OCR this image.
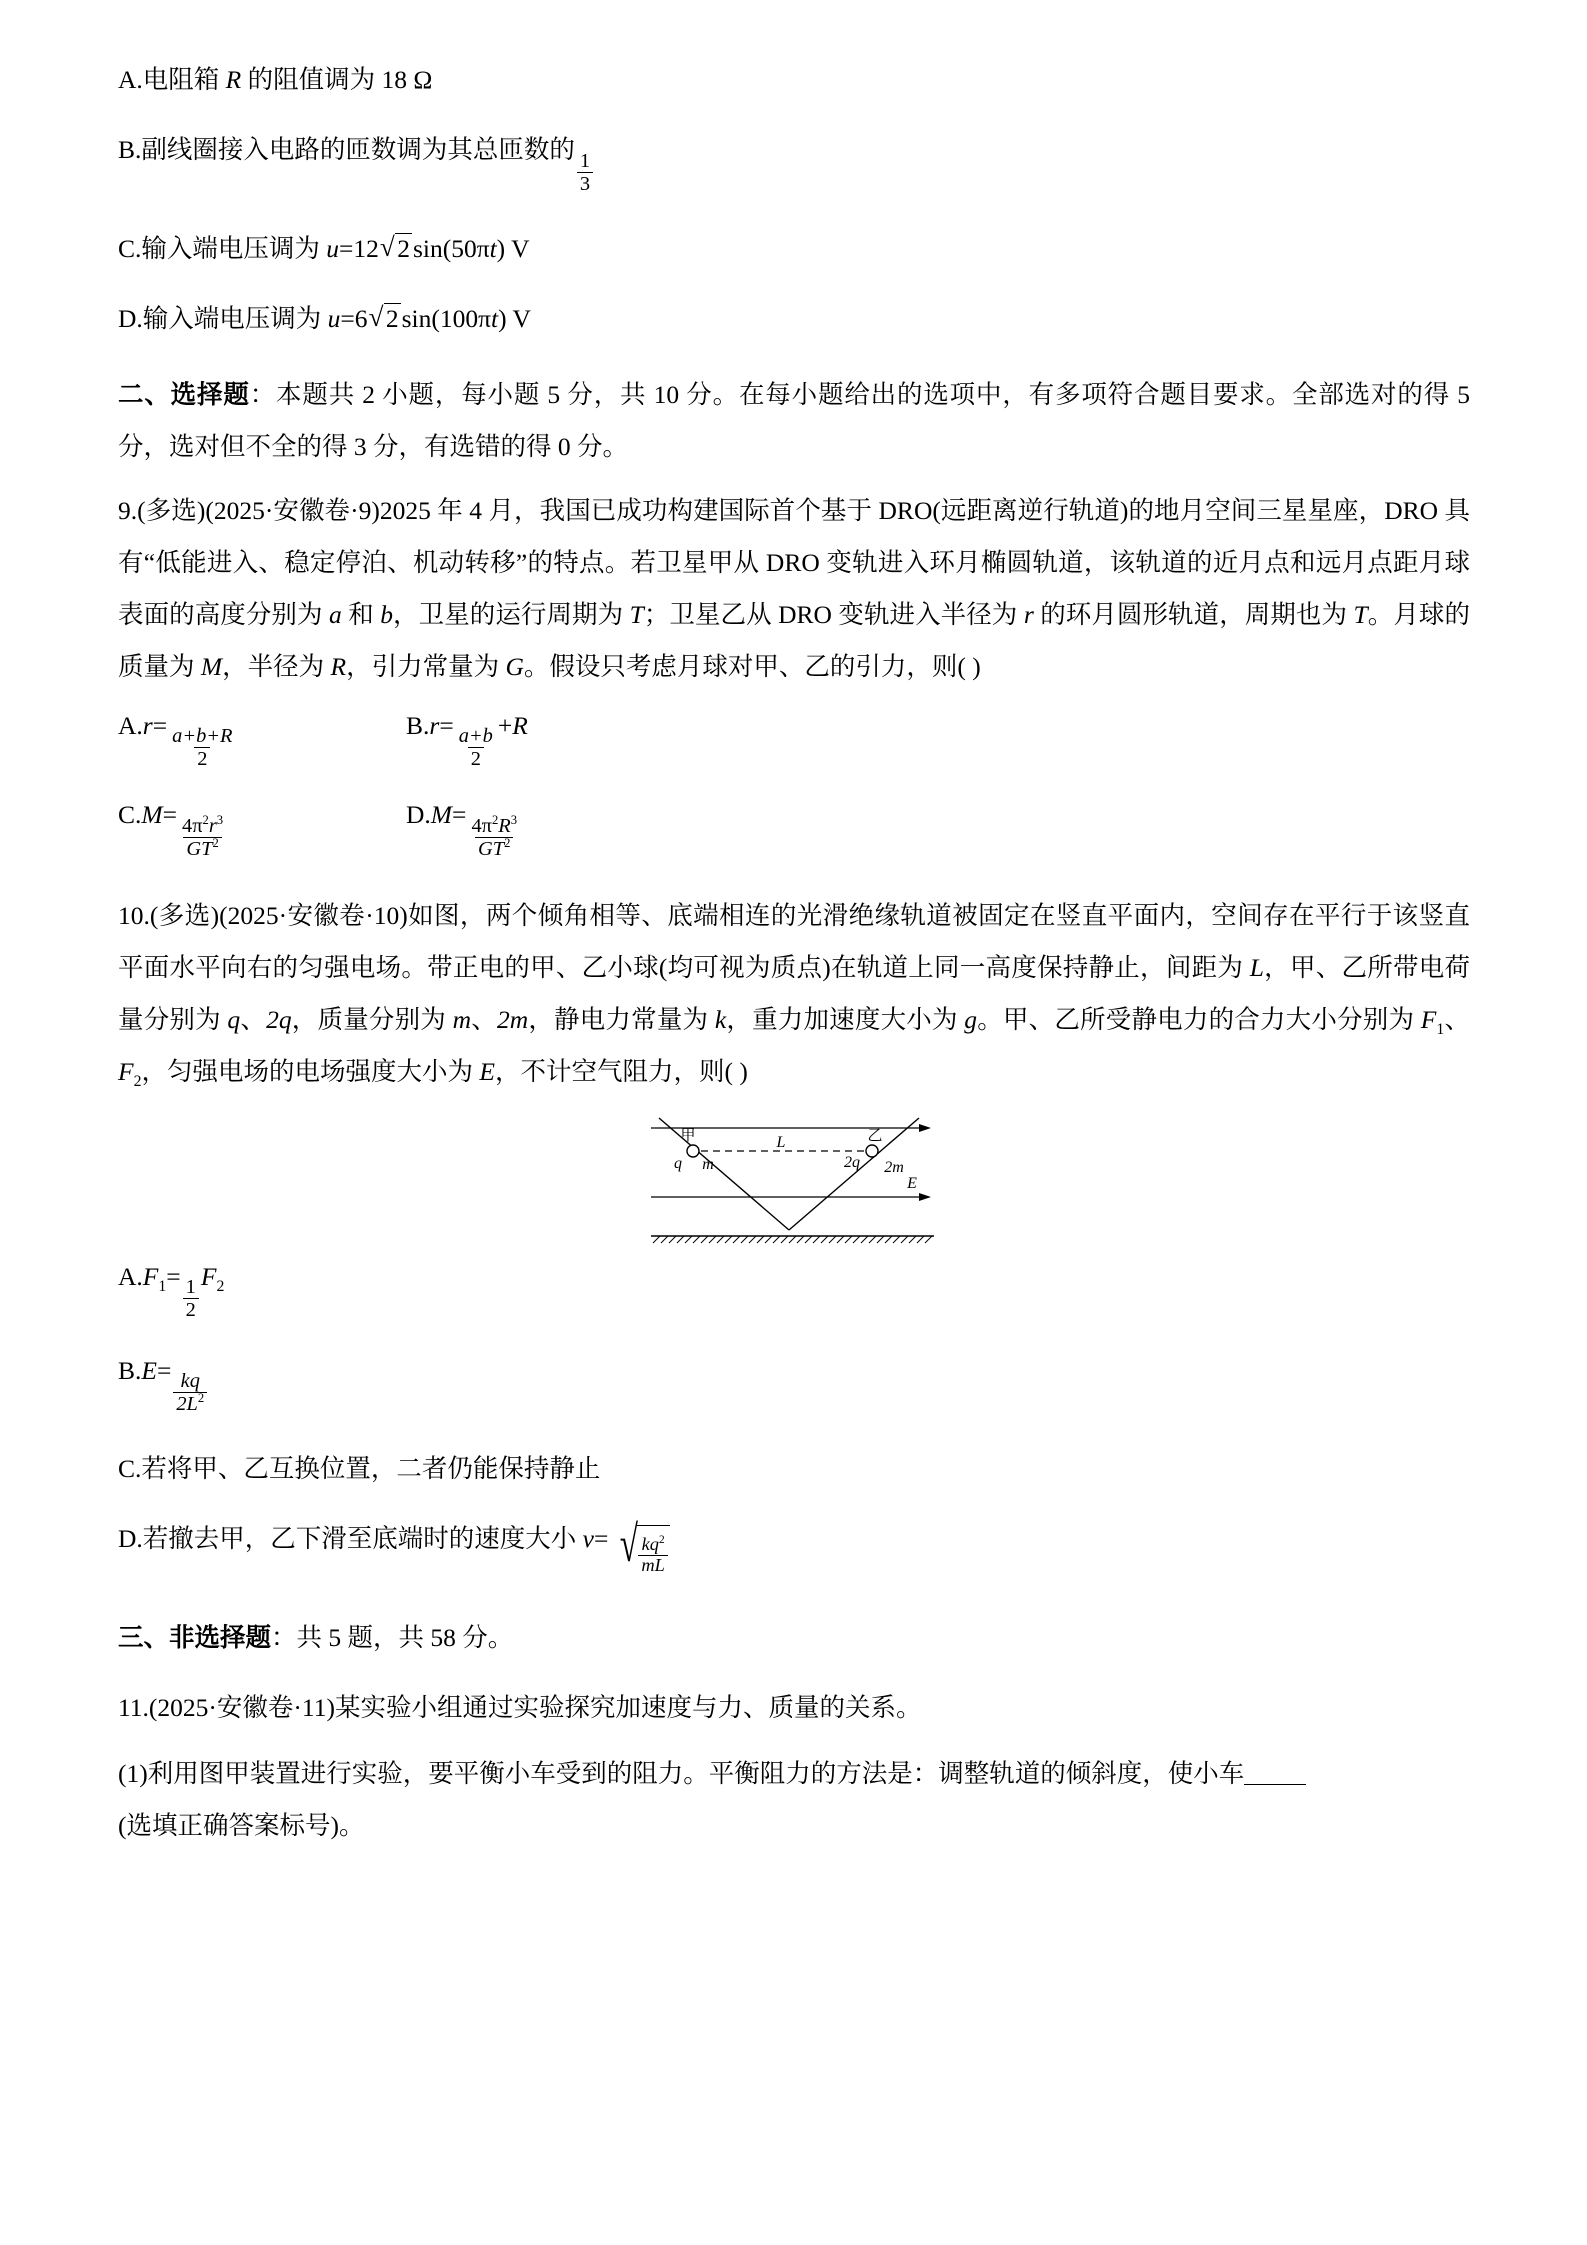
A.电阻箱 R 的阻值调为 18 Ω
B.副线圈接入电路的匝数调为其总匝数的
$\frac{1}{3}$
C.输入端电压调为 u=12 √ 2 sin(50πt) V
D.输入端电压调为 u=6 √ 2 sin(100πt) V
二、选择题：本题共 2 小题，每小题 5 分，共 10 分。在每小题给出的选项中，有多项符合题目要求。全部选对的得 5 分，选对但不全的得 3 分，有选错的得 0 分。
9.(多选)(2025·安徽卷·9)2025 年 4 月，我国已成功构建国际首个基于 DRO(远距离逆行轨道)的地月空间三星星座，DRO 具有“低能进入、稳定停泊、机动转移”的特点。若卫星甲从 DRO 变轨进入环月椭圆轨道，该轨道的近月点和远月点距月球表面的高度分别为 a 和 b，卫星的运行周期为 T；卫星乙从 DRO 变轨进入半径为 r 的环月圆形轨道，周期也为 T。月球的质量为 M，半径为 R，引力常量为 G。假设只考虑月球对甲、乙的引力，则( )
A.r=
$\frac{a+b+R}{2}$
B.r=
$\frac{a+b}{2}$
+R
C.M=
$\frac{4\pi^2r^3}{GT^2}$
D.M=
$\frac{4\pi^2R^3}{GT^2}$
10.(多选)(2025·安徽卷·10)如图，两个倾角相等、底端相连的光滑绝缘轨道被固定在竖直平面内，空间存在平行于该竖直平面水平向右的匀强电场。带正电的甲、乙小球(均可视为质点)在轨道上同一高度保持静止，间距为 L，甲、乙所带电荷量分别为 q、2q，质量分别为 m、2m，静电力常量为 k，重力加速度大小为 g。甲、乙所受静电力的合力大小分别为 $F_1$、$F_2$，匀强电场的电场强度大小为 E，不计空气阻力，则( )
甲	乙
L
q m	2q 2m
E
$A.F_1=$
$\frac{1}{2}$
$F_2$
B.E=
$\frac{kq}{2L^2}$
C.若将甲、乙互换位置，二者仍能保持静止
D.若撤去甲，乙下滑至底端时的速度大小 v= √ $\frac{kq^2}{mL}$
三、非选择题：共 5 题，共 58 分。
11.(2025·安徽卷·11)某实验小组通过实验探究加速度与力、质量的关系。
(1)利用图甲装置进行实验，要平衡小车受到的阻力。平衡阻力的方法是：调整轨道的倾斜度，使小车
(选填正确答案标号)。
